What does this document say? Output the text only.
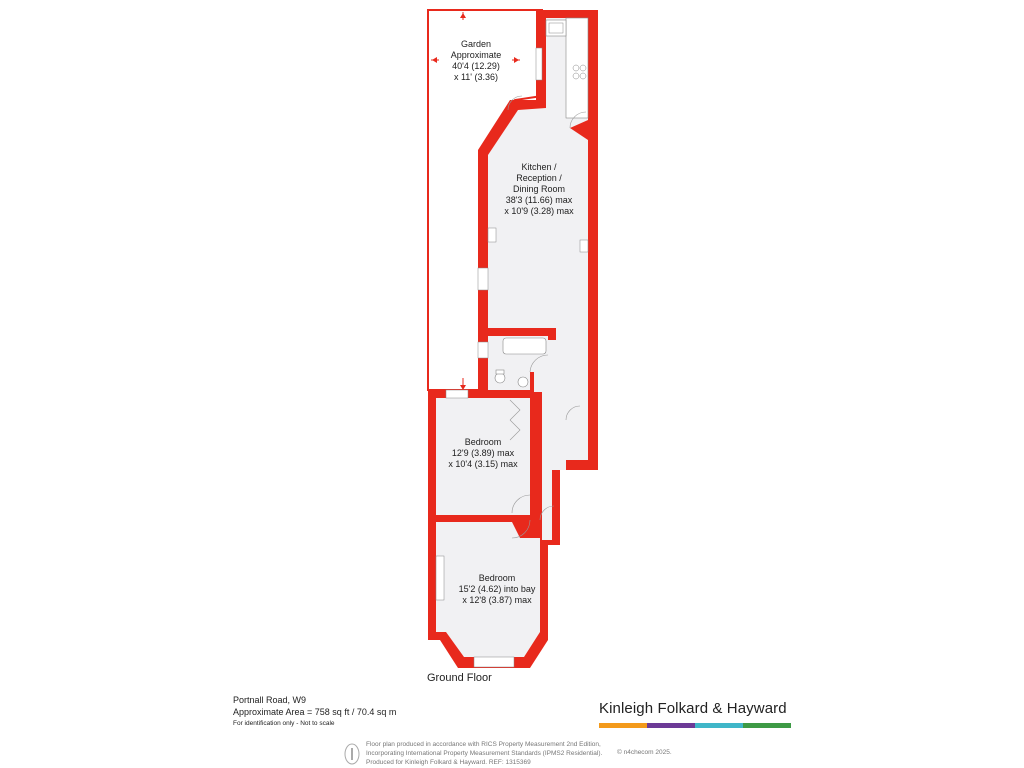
Garden
Approximate
40'4 (12.29)
x 11' (3.36)
Kitchen /
Reception /
Dining Room
38'3 (11.66) max
x 10'9 (3.28) max
Bedroom
12'9 (3.89) max
x 10'4 (3.15) max
Bedroom
15'2 (4.62) into bay
x 12'8 (3.87) max
Ground Floor
Portnall Road, W9
Approximate Area = 758 sq ft / 70.4 sq m
For identification only - Not to scale
Kinleigh Folkard & Hayward
Floor plan produced in accordance with RICS Property Measurement 2nd Edition,
Incorporating International Property Measurement Standards (IPMS2 Residential).
Produced for Kinleigh Folkard & Hayward. REF: 1315369
© n4checom 2025.
